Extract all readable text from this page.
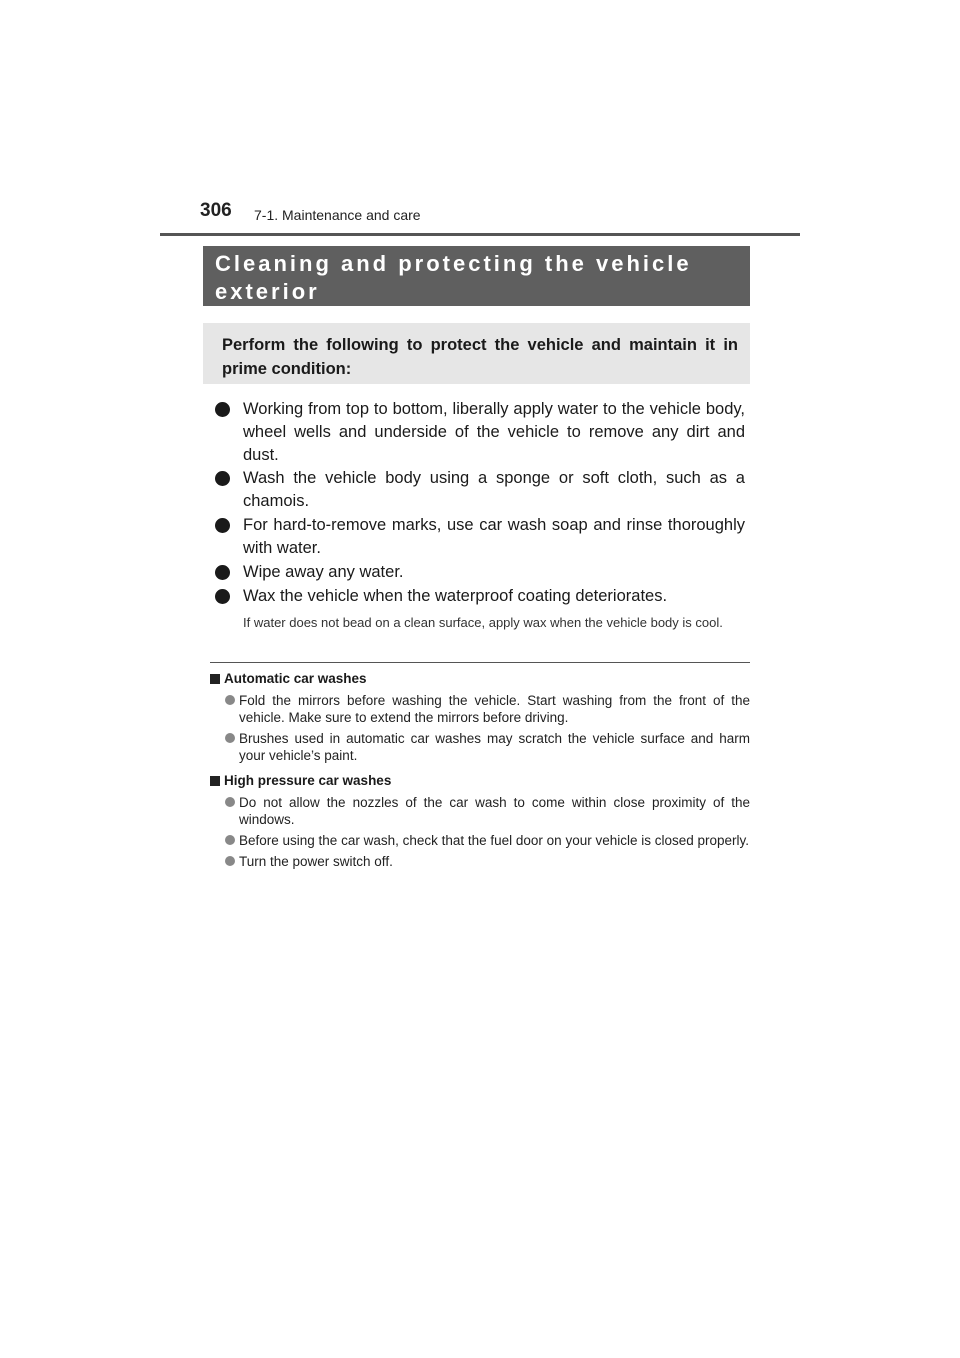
306 7-1. Maintenance and care
Cleaning and protecting the vehicle
exterior

Perform the following to protect the vehicle and maintain it in prime condition:

Working from top to bottom, liberally apply water to the vehicle body, wheel wells and underside of the vehicle to remove any dirt and dust.
Wash the vehicle body using a sponge or soft cloth, such as a chamois.
For hard-to-remove marks, use car wash soap and rinse thoroughly with water.
Wipe away any water.
Wax the vehicle when the waterproof coating deteriorates.
If water does not bead on a clean surface, apply wax when the vehicle body is cool.
Automatic car washes
Fold the mirrors before washing the vehicle. Start washing from the front of the vehicle. Make sure to extend the mirrors before driving.
Brushes used in automatic car washes may scratch the vehicle surface and harm your vehicle’s paint.
High pressure car washes
Do not allow the nozzles of the car wash to come within close proximity of the windows.
Before using the car wash, check that the fuel door on your vehicle is closed properly.
Turn the power switch off.
